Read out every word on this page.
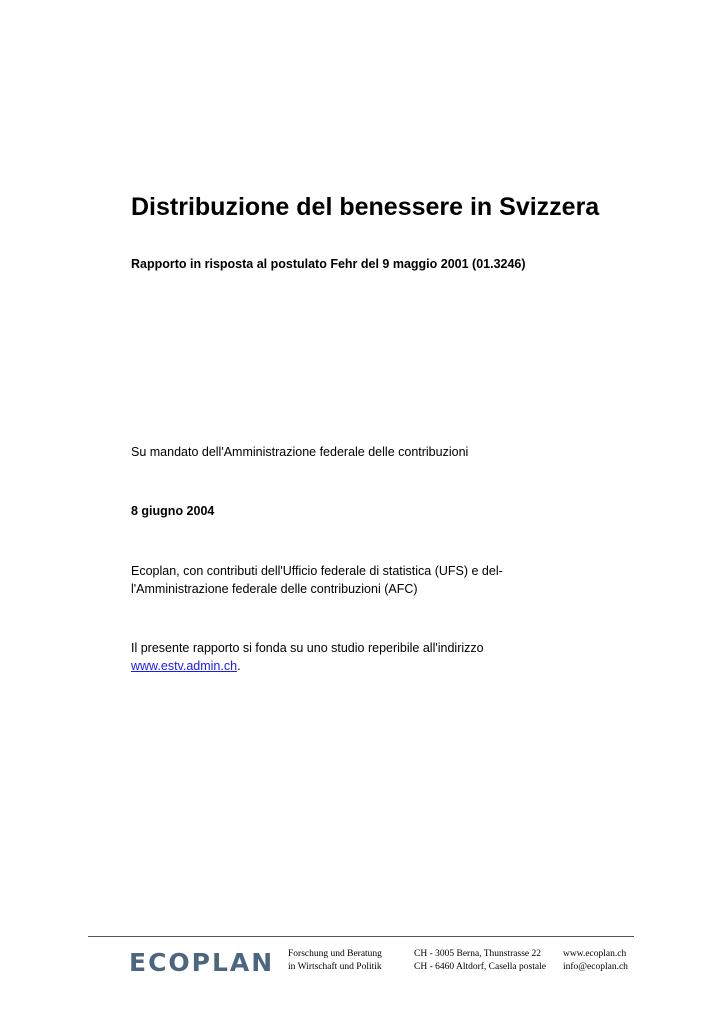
Distribuzione del benessere in Svizzera

Rapporto in risposta al postulato Fehr del 9 maggio 2001 (01.3246)

Su mandato dell'Amministrazione federale delle contribuzioni

8 giugno 2004

Ecoplan, con contributi dell'Ufficio federale di statistica (UFS) e del-
l'Amministrazione federale delle contribuzioni (AFC)
Il presente rapporto si fonda su uno studio reperibile all'indirizzo
www.estv.admin.ch.
ECOPLAN Forschung und Beratung
in Wirtschaft und Politik
CH - 3005 Berna, Thunstrasse 22
CH - 6460 Altdorf, Casella postale
www.ecoplan.ch
info@ecoplan.ch
